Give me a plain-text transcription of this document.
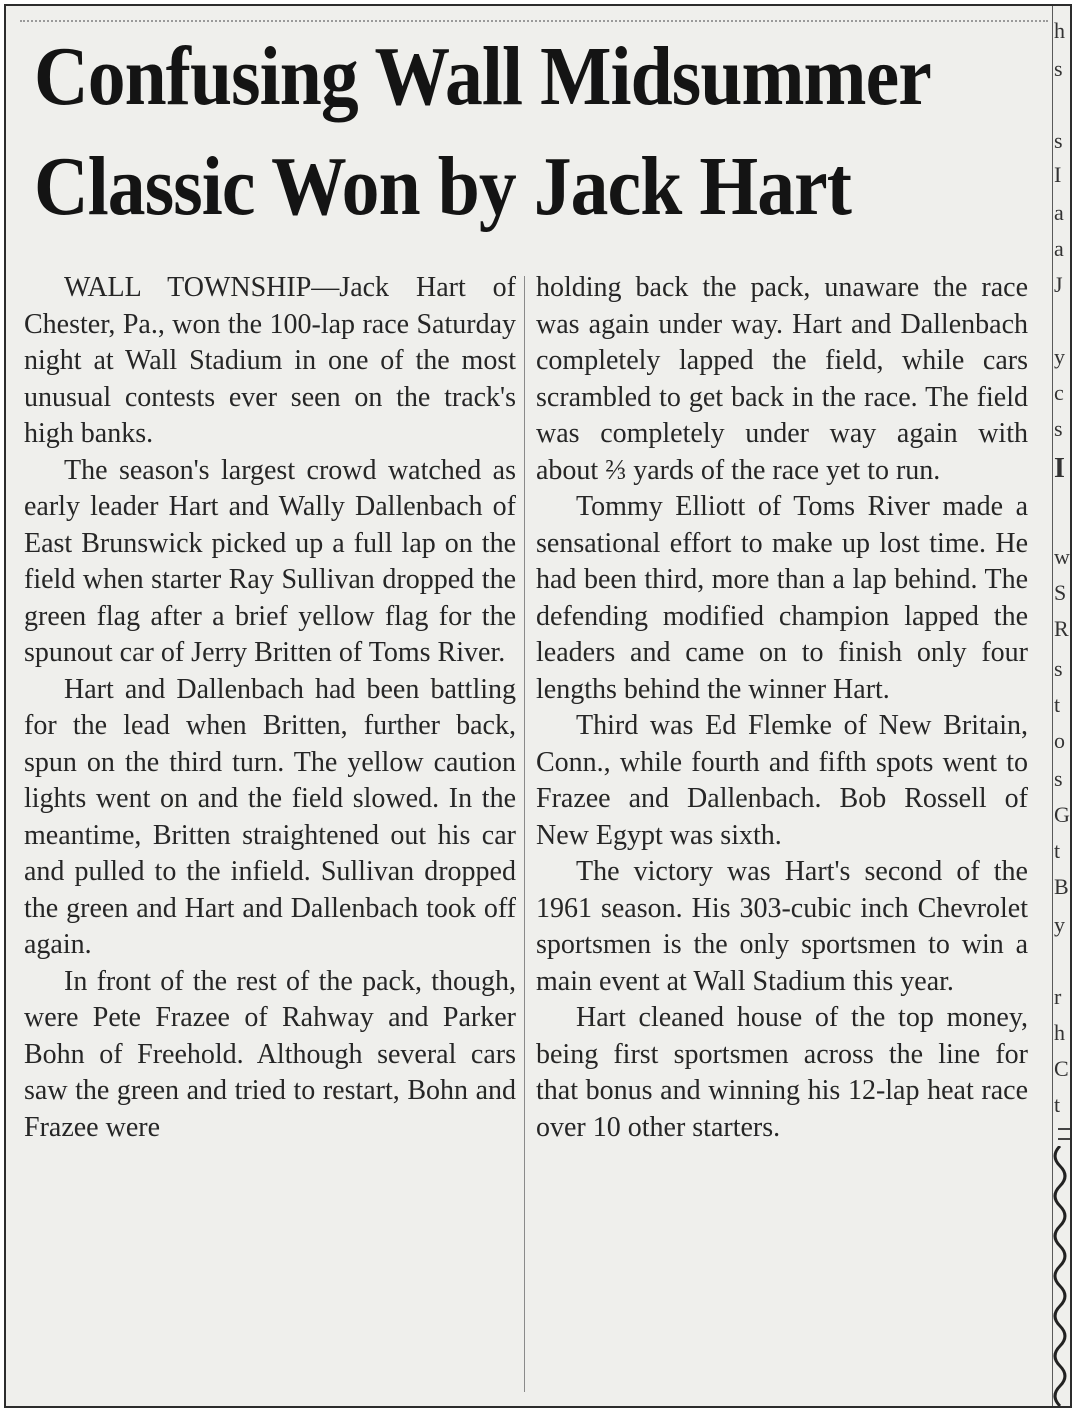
Confusing Wall Midsummer Classic Won by Jack Hart

WALL TOWNSHIP—Jack Hart of Chester, Pa., won the 100-lap race Saturday night at Wall Stadium in one of the most unusual contests ever seen on the track's high banks.

The season's largest crowd watched as early leader Hart and Wally Dallenbach of East Brunswick picked up a full lap on the field when starter Ray Sullivan dropped the green flag after a brief yellow flag for the spunout car of Jerry Britten of Toms River.

Hart and Dallenbach had been battling for the lead when Britten, further back, spun on the third turn. The yellow caution lights went on and the field slowed. In the meantime, Britten straightened out his car and pulled to the infield. Sullivan dropped the green and Hart and Dallenbach took off again.

In front of the rest of the pack, though, were Pete Frazee of Rahway and Parker Bohn of Freehold. Although several cars saw the green and tried to restart, Bohn and Frazee were

holding back the pack, unaware the race was again under way. Hart and Dallenbach completely lapped the field, while cars scrambled to get back in the race. The field was completely under way again with about ⅔ yards of the race yet to run.

Tommy Elliott of Toms River made a sensational effort to make up lost time. He had been third, more than a lap behind. The defending modified champion lapped the leaders and came on to finish only four lengths behind the winner Hart.

Third was Ed Flemke of New Britain, Conn., while fourth and fifth spots went to Frazee and Dallenbach. Bob Rossell of New Egypt was sixth.

The victory was Hart's second of the 1961 season. His 303-cubic inch Chevrolet sportsmen is the only sportsmen to win a main event at Wall Stadium this year.

Hart cleaned house of the top money, being first sportsmen across the line for that bonus and winning his 12-lap heat race over 10 other starters.

h
s
s
I
a
a
J
y
c
s
I
w
S
R
s
t
o
s
G
t
B
y
r
h
C
t
